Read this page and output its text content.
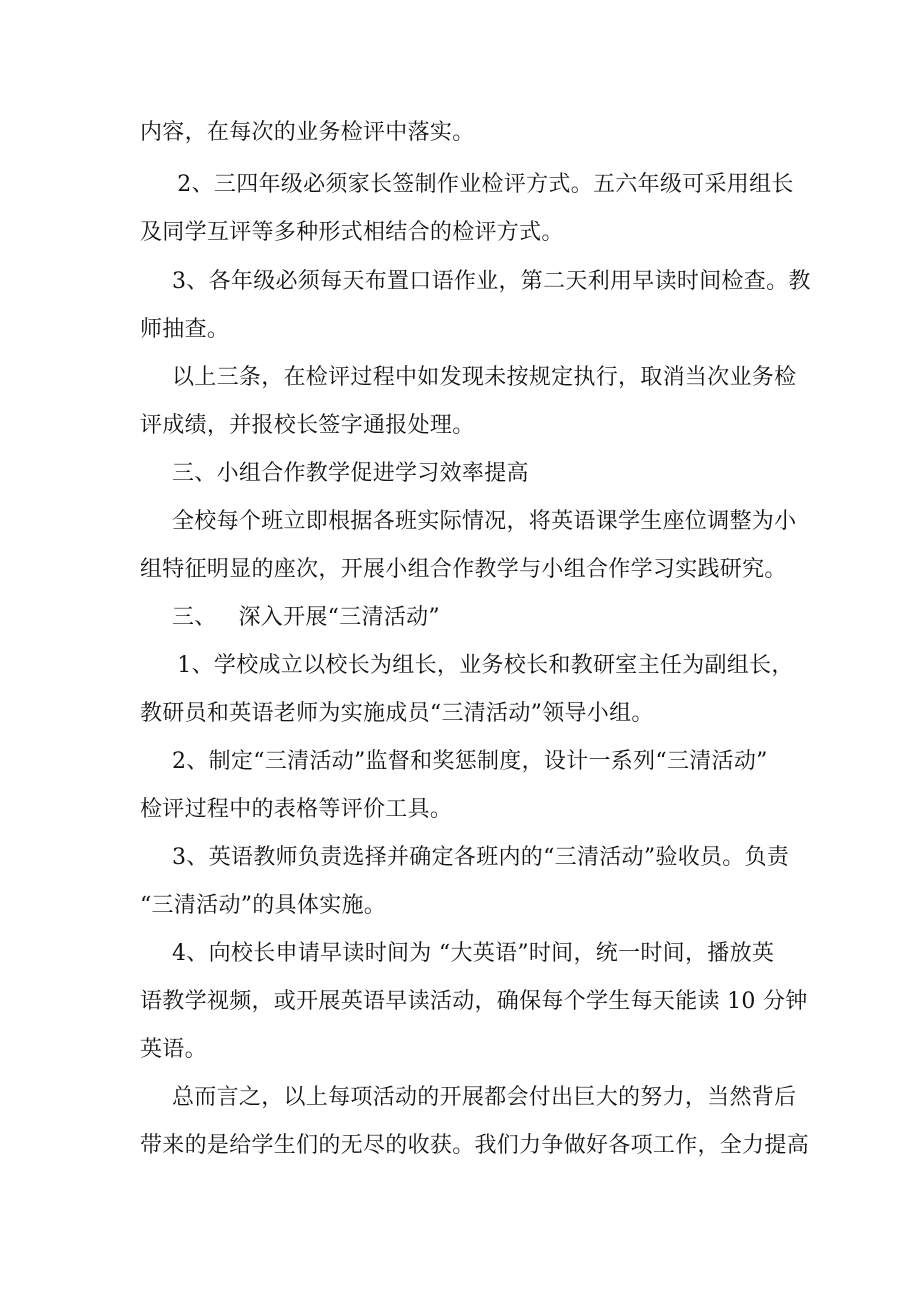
内容，在每次的业务检评中落实。
2、三四年级必须家长签制作业检评方式。五六年级可采用组长
及同学互评等多种形式相结合的检评方式。
3、各年级必须每天布置口语作业，第二天利用早读时间检查。教
师抽查。
以上三条，在检评过程中如发现未按规定执行，取消当次业务检
评成绩，并报校长签字通报处理。
三、小组合作教学促进学习效率提高
全校每个班立即根据各班实际情况，将英语课学生座位调整为小
组特征明显的座次，开展小组合作教学与小组合作学习实践研究。
三、   深入开展“三清活动”
1、学校成立以校长为组长，业务校长和教研室主任为副组长，
教研员和英语老师为实施成员“三清活动”领导小组。
2、制定“三清活动”监督和奖惩制度，设计一系列“三清活动”
检评过程中的表格等评价工具。
3、英语教师负责选择并确定各班内的“三清活动”验收员。负责
“三清活动”的具体实施。
4、向校长申请早读时间为 “大英语”时间，统一时间，播放英
语教学视频，或开展英语早读活动，确保每个学生每天能读 10 分钟
英语。
总而言之，以上每项活动的开展都会付出巨大的努力，当然背后
带来的是给学生们的无尽的收获。我们力争做好各项工作，全力提高
